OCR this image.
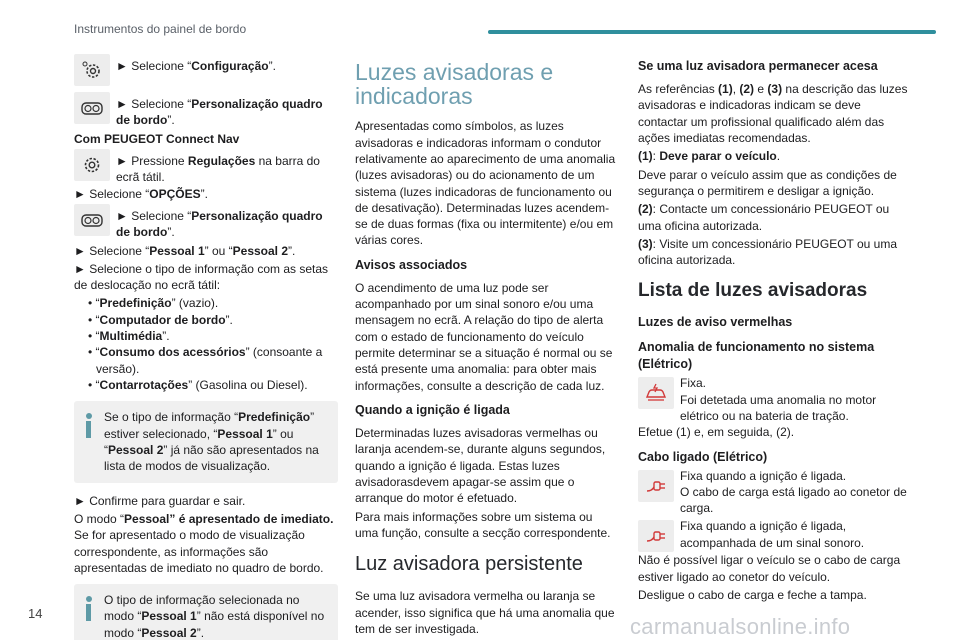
Instrumentos do painel de bordo
► Selecione “Configuração”.
► Selecione “Personalização quadro de bordo”.
Com PEUGEOT Connect Nav
► Pressione Regulações na barra do ecrã tátil.
► Selecione “OPÇÕES”.
► Selecione “Personalização quadro de bordo”.
► Selecione “Pessoal 1” ou “Pessoal 2”.
► Selecione o tipo de informação com as setas de deslocação no ecrã tátil:
• “Predefinição” (vazio).
• “Computador de bordo”.
• “Multimédia”.
• “Consumo dos acessórios” (consoante a versão).
• “Contarrotações” (Gasolina ou Diesel).
Se o tipo de informação “Predefinição” estiver selecionado, “Pessoal 1” ou “Pessoal 2” já não são apresentados na lista de modos de visualização.
► Confirme para guardar e sair.
O modo “Pessoal” é apresentado de imediato. Se for apresentado o modo de visualização correspondente, as informações são apresentadas de imediato no quadro de bordo.
O tipo de informação selecionada no modo “Pessoal 1” não está disponível no modo “Pessoal 2”.
Luzes avisadoras e indicadoras
Apresentadas como símbolos, as luzes avisadoras e indicadoras informam o condutor relativamente ao aparecimento de uma anomalia (luzes avisadoras) ou do acionamento de um sistema (luzes indicadoras de funcionamento ou de desativação). Determinadas luzes acendem-se de duas formas (fixa ou intermitente) e/ou em várias cores.
Avisos associados
O acendimento de uma luz pode ser acompanhado por um sinal sonoro e/ou uma mensagem no ecrã. A relação do tipo de alerta com o estado de funcionamento do veículo permite determinar se a situação é normal ou se está presente uma anomalia: para obter mais informações, consulte a descrição de cada luz.
Quando a ignição é ligada
Determinadas luzes avisadoras vermelhas ou laranja acendem-se, durante alguns segundos, quando a ignição é ligada. Estas luzes avisadorasdevem apagar-se assim que o arranque do motor é efetuado.
Para mais informações sobre um sistema ou uma função, consulte a secção correspondente.
Luz avisadora persistente
Se uma luz avisadora vermelha ou laranja se acender, isso significa que há uma anomalia que tem de ser investigada.
Se uma luz avisadora permanecer acesa
As referências (1), (2) e (3) na descrição das luzes avisadoras e indicadoras indicam se deve contactar um profissional qualificado além das ações imediatas recomendadas.
(1): Deve parar o veículo.
Deve parar o veículo assim que as condições de segurança o permitirem e desligar a ignição.
(2): Contacte um concessionário PEUGEOT ou uma oficina autorizada.
(3): Visite um concessionário PEUGEOT ou uma oficina autorizada.
Lista de luzes avisadoras
Luzes de aviso vermelhas
Anomalia de funcionamento no sistema (Elétrico)
Fixa.
Foi detetada uma anomalia no motor elétrico ou na bateria de tração.
Efetue (1) e, em seguida, (2).
Cabo ligado (Elétrico)
Fixa quando a ignição é ligada.
O cabo de carga está ligado ao conetor de carga.
Fixa quando a ignição é ligada, acompanhada de um sinal sonoro.
Não é possível ligar o veículo se o cabo de carga estiver ligado ao conetor do veículo.
Desligue o cabo de carga e feche a tampa.
14
carmanualsonline.info
